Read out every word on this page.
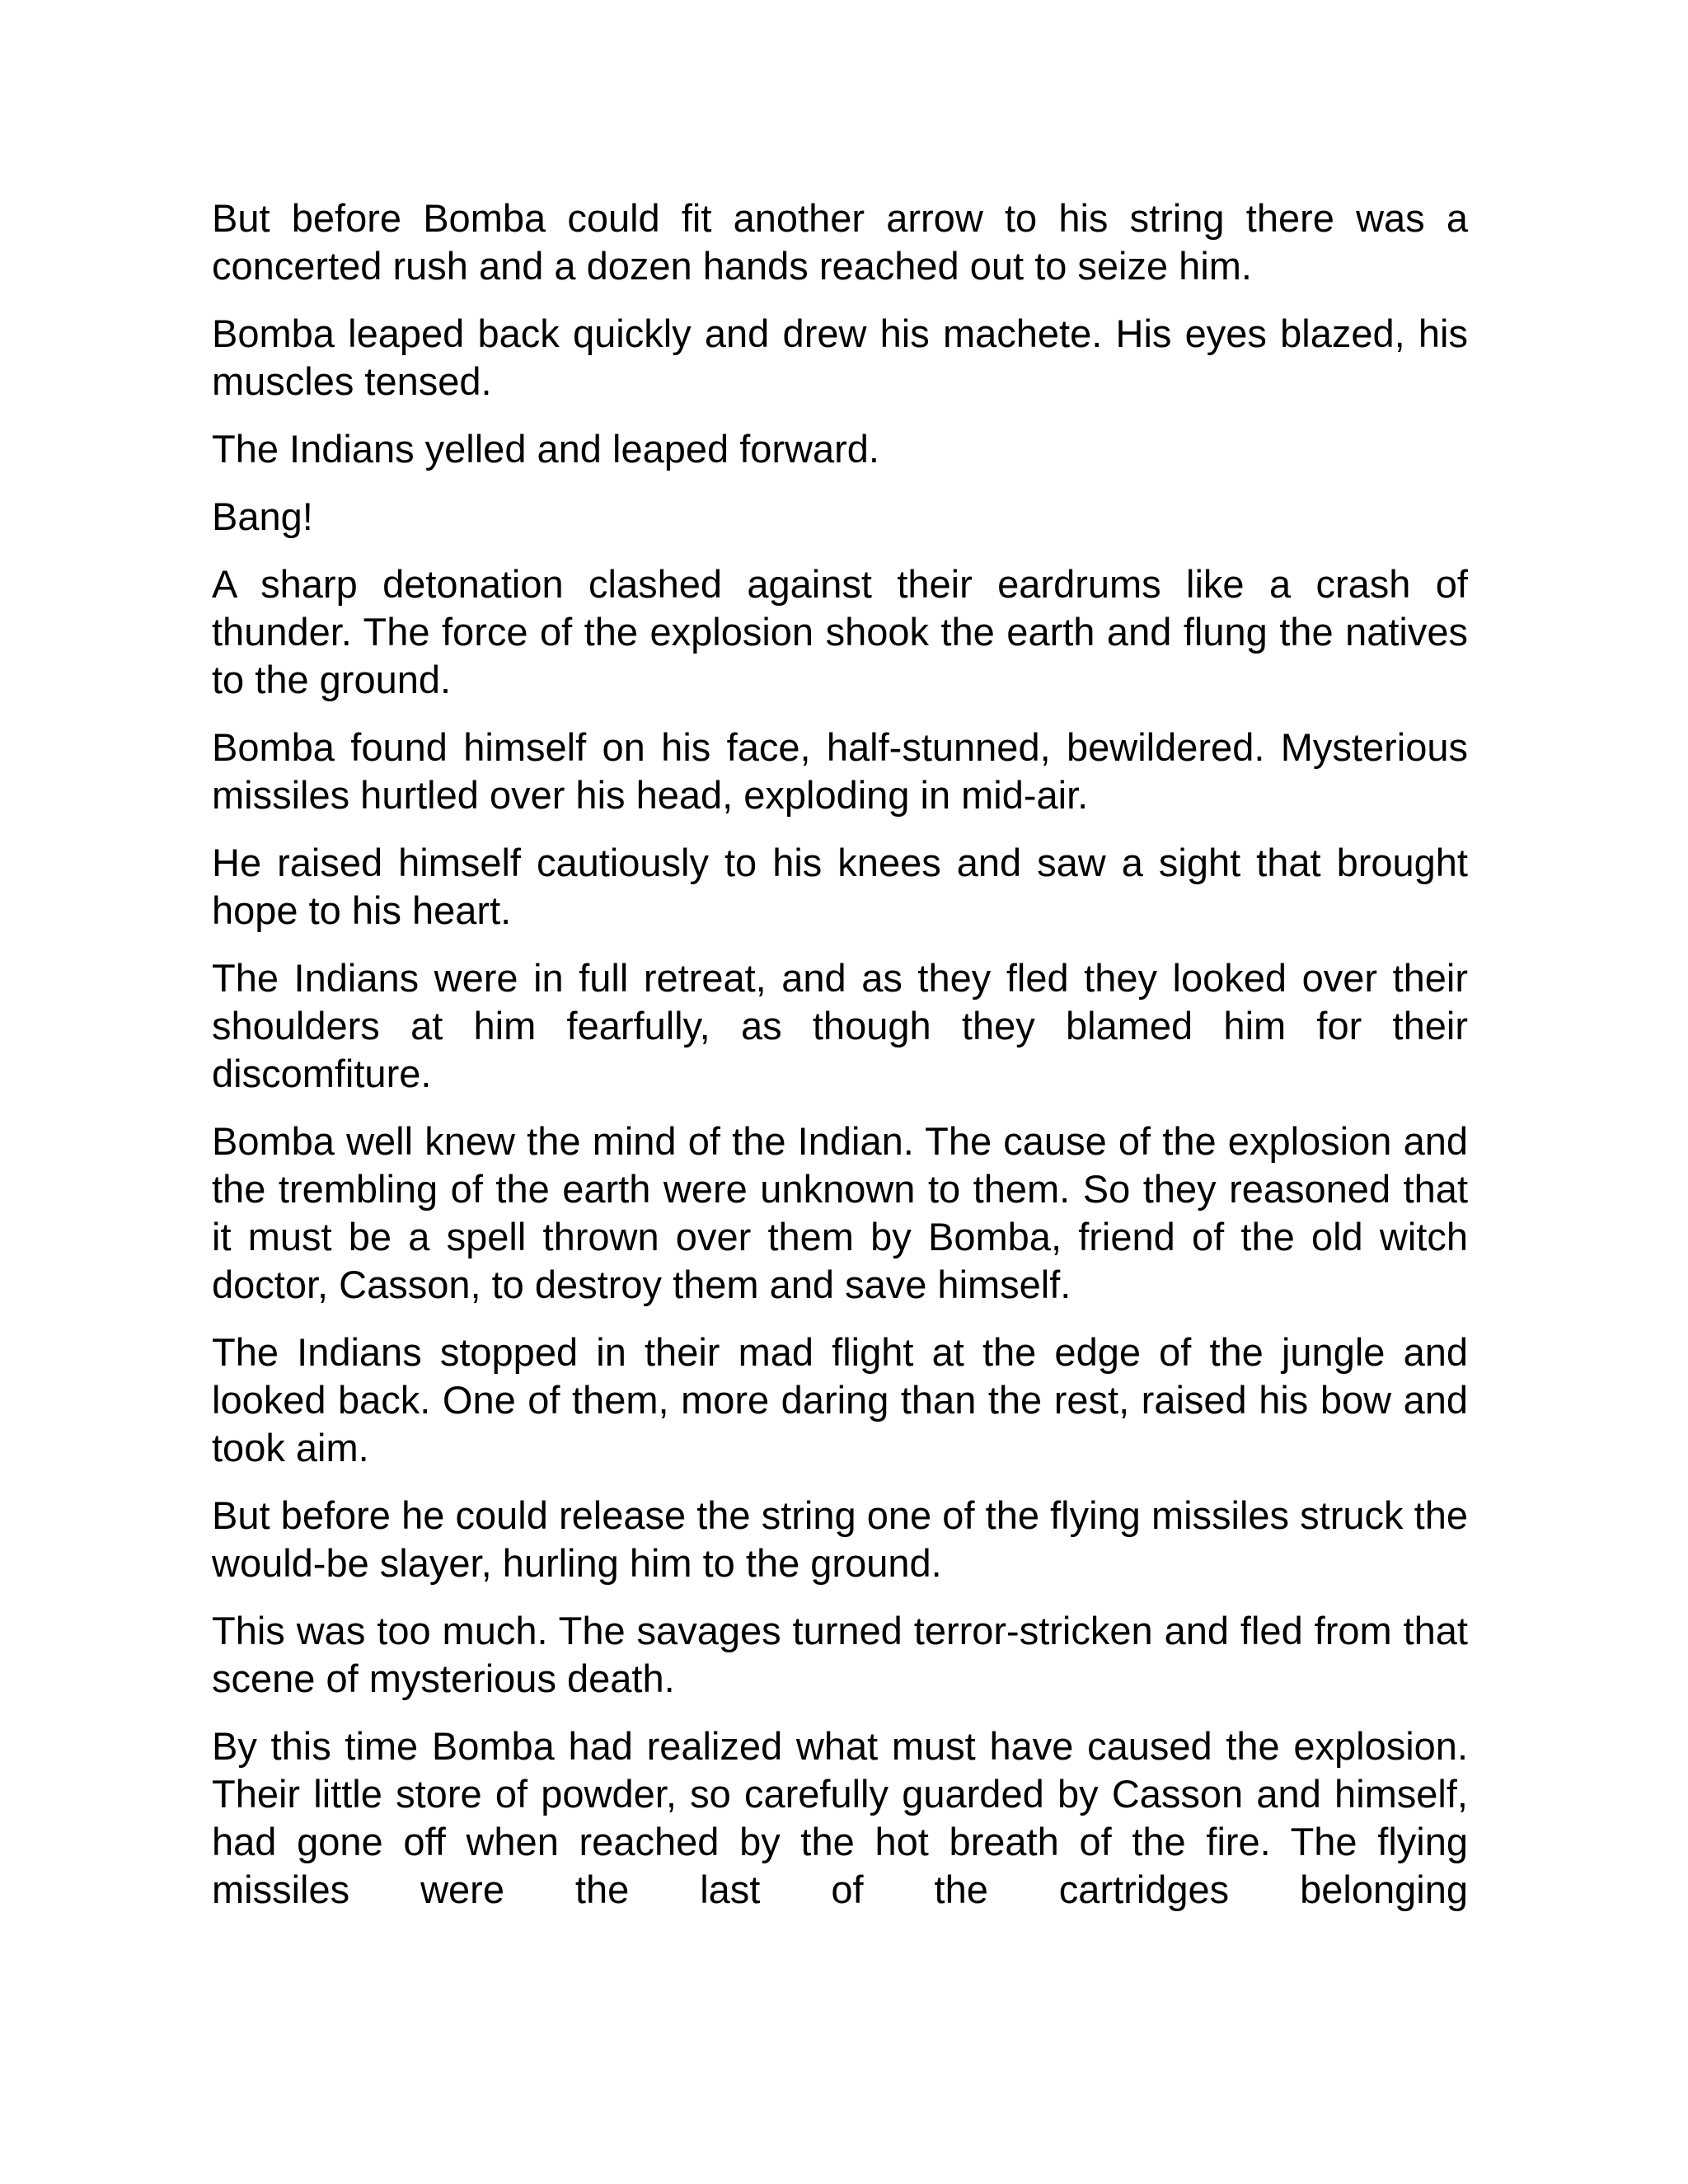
But before Bomba could fit another arrow to his string there was a concerted rush and a dozen hands reached out to seize him.

Bomba leaped back quickly and drew his machete. His eyes blazed, his muscles tensed.

The Indians yelled and leaped forward.

Bang!

A sharp detonation clashed against their eardrums like a crash of thunder. The force of the explosion shook the earth and flung the natives to the ground.

Bomba found himself on his face, half-stunned, bewildered. Mysterious missiles hurtled over his head, exploding in mid-air.

He raised himself cautiously to his knees and saw a sight that brought hope to his heart.

The Indians were in full retreat, and as they fled they looked over their shoulders at him fearfully, as though they blamed him for their discomfiture.

Bomba well knew the mind of the Indian. The cause of the explosion and the trembling of the earth were unknown to them. So they reasoned that it must be a spell thrown over them by Bomba, friend of the old witch doctor, Casson, to destroy them and save himself.

The Indians stopped in their mad flight at the edge of the jungle and looked back. One of them, more daring than the rest, raised his bow and took aim.

But before he could release the string one of the flying missiles struck the would-be slayer, hurling him to the ground.

This was too much. The savages turned terror-stricken and fled from that scene of mysterious death.

By this time Bomba had realized what must have caused the explosion. Their little store of powder, so carefully guarded by Casson and himself, had gone off when reached by the hot breath of the fire. The flying missiles were the last of the cartridges belonging
